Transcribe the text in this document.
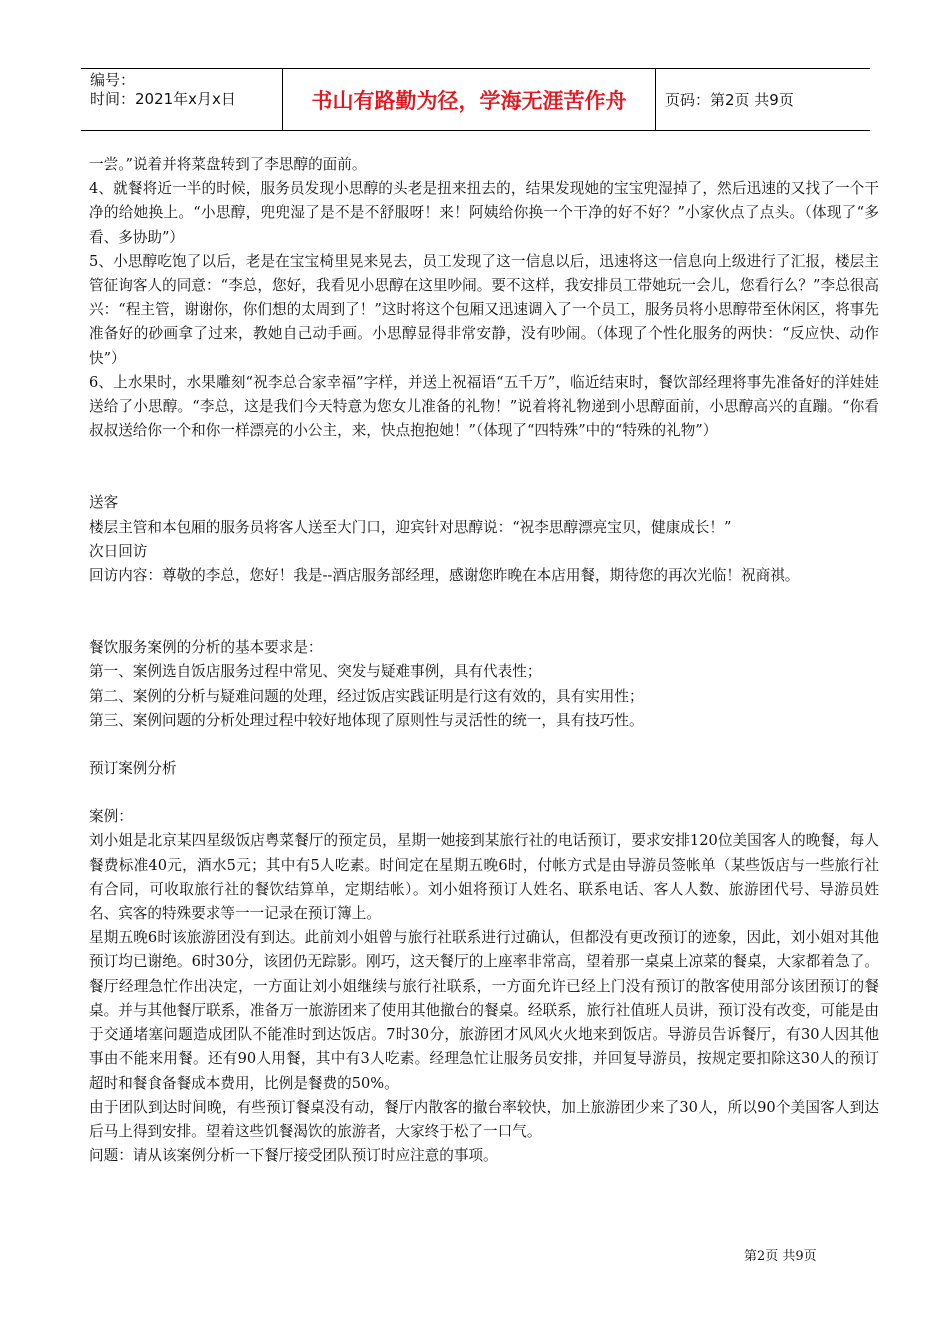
编号：
时间：2021年x月x日	书山有路勤为径，学海无涯苦作舟	页码：第2页 共9页

一尝。”说着并将菜盘转到了李思醇的面前。

4、就餐将近一半的时候，服务员发现小思醇的头老是扭来扭去的，结果发现她的宝宝兜湿掉了，然后迅速的又找了一个干净的给她换上。“小思醇，兜兜湿了是不是不舒服呀！来！阿姨给你换一个干净的好不好？”小家伙点了点头。（体现了“多看、多协助”）

5、小思醇吃饱了以后，老是在宝宝椅里晃来晃去，员工发现了这一信息以后，迅速将这一信息向上级进行了汇报，楼层主管征询客人的同意：“李总，您好，我看见小思醇在这里吵闹。要不这样，我安排员工带她玩一会儿，您看行么？”李总很高兴：“程主管，谢谢你，你们想的太周到了！”这时将这个包厢又迅速调入了一个员工，服务员将小思醇带至休闲区，将事先准备好的砂画拿了过来，教她自己动手画。小思醇显得非常安静，没有吵闹。（体现了个性化服务的两快：“反应快、动作快”）

6、上水果时，水果雕刻“祝李总合家幸福”字样，并送上祝福语“五千万”，临近结束时，餐饮部经理将事先准备好的洋娃娃送给了小思醇。“李总，这是我们今天特意为您女儿准备的礼物！”说着将礼物递到小思醇面前，小思醇高兴的直蹦。“你看叔叔送给你一个和你一样漂亮的小公主，来，快点抱抱她！”（体现了“四特殊”中的“特殊的礼物”）

送客

楼层主管和本包厢的服务员将客人送至大门口，迎宾针对思醇说：“祝李思醇漂亮宝贝，健康成长！”

次日回访

回访内容：尊敬的李总，您好！我是--酒店服务部经理，感谢您昨晚在本店用餐，期待您的再次光临！祝商祺。

餐饮服务案例的分析的基本要求是：

第一、案例选自饭店服务过程中常见、突发与疑难事例，具有代表性；

第二、案例的分析与疑难问题的处理，经过饭店实践证明是行这有效的，具有实用性；

第三、案例问题的分析处理过程中较好地体现了原则性与灵活性的统一，具有技巧性。

预订案例分析

案例：

刘小姐是北京某四星级饭店粤菜餐厅的预定员，星期一她接到某旅行社的电话预订，要求安排120位美国客人的晚餐，每人餐费标准40元，酒水5元；其中有5人吃素。时间定在星期五晚6时，付帐方式是由导游员签帐单（某些饭店与一些旅行社有合同，可收取旅行社的餐饮结算单，定期结帐）。刘小姐将预订人姓名、联系电话、客人人数、旅游团代号、导游员姓名、宾客的特殊要求等一一记录在预订簿上。

星期五晚6时该旅游团没有到达。此前刘小姐曾与旅行社联系进行过确认，但都没有更改预订的迹象，因此，刘小姐对其他预订均已谢绝。6时30分，该团仍无踪影。刚巧，这天餐厅的上座率非常高，望着那一桌桌上凉菜的餐桌，大家都着急了。餐厅经理急忙作出决定，一方面让刘小姐继续与旅行社联系，一方面允许已经上门没有预订的散客使用部分该团预订的餐桌。并与其他餐厅联系，准备万一旅游团来了使用其他撤台的餐桌。经联系，旅行社值班人员讲，预订没有改变，可能是由于交通堵塞问题造成团队不能准时到达饭店。7时30分，旅游团才风风火火地来到饭店。导游员告诉餐厅，有30人因其他事由不能来用餐。还有90人用餐，其中有3人吃素。经理急忙让服务员安排，并回复导游员，按规定要扣除这30人的预订超时和餐食备餐成本费用，比例是餐费的50%。

由于团队到达时间晚，有些预订餐桌没有动，餐厅内散客的撤台率较快，加上旅游团少来了30人，所以90个美国客人到达后马上得到安排。望着这些饥餐渴饮的旅游者，大家终于松了一口气。

问题：请从该案例分析一下餐厅接受团队预订时应注意的事项。

第2页 共9页
